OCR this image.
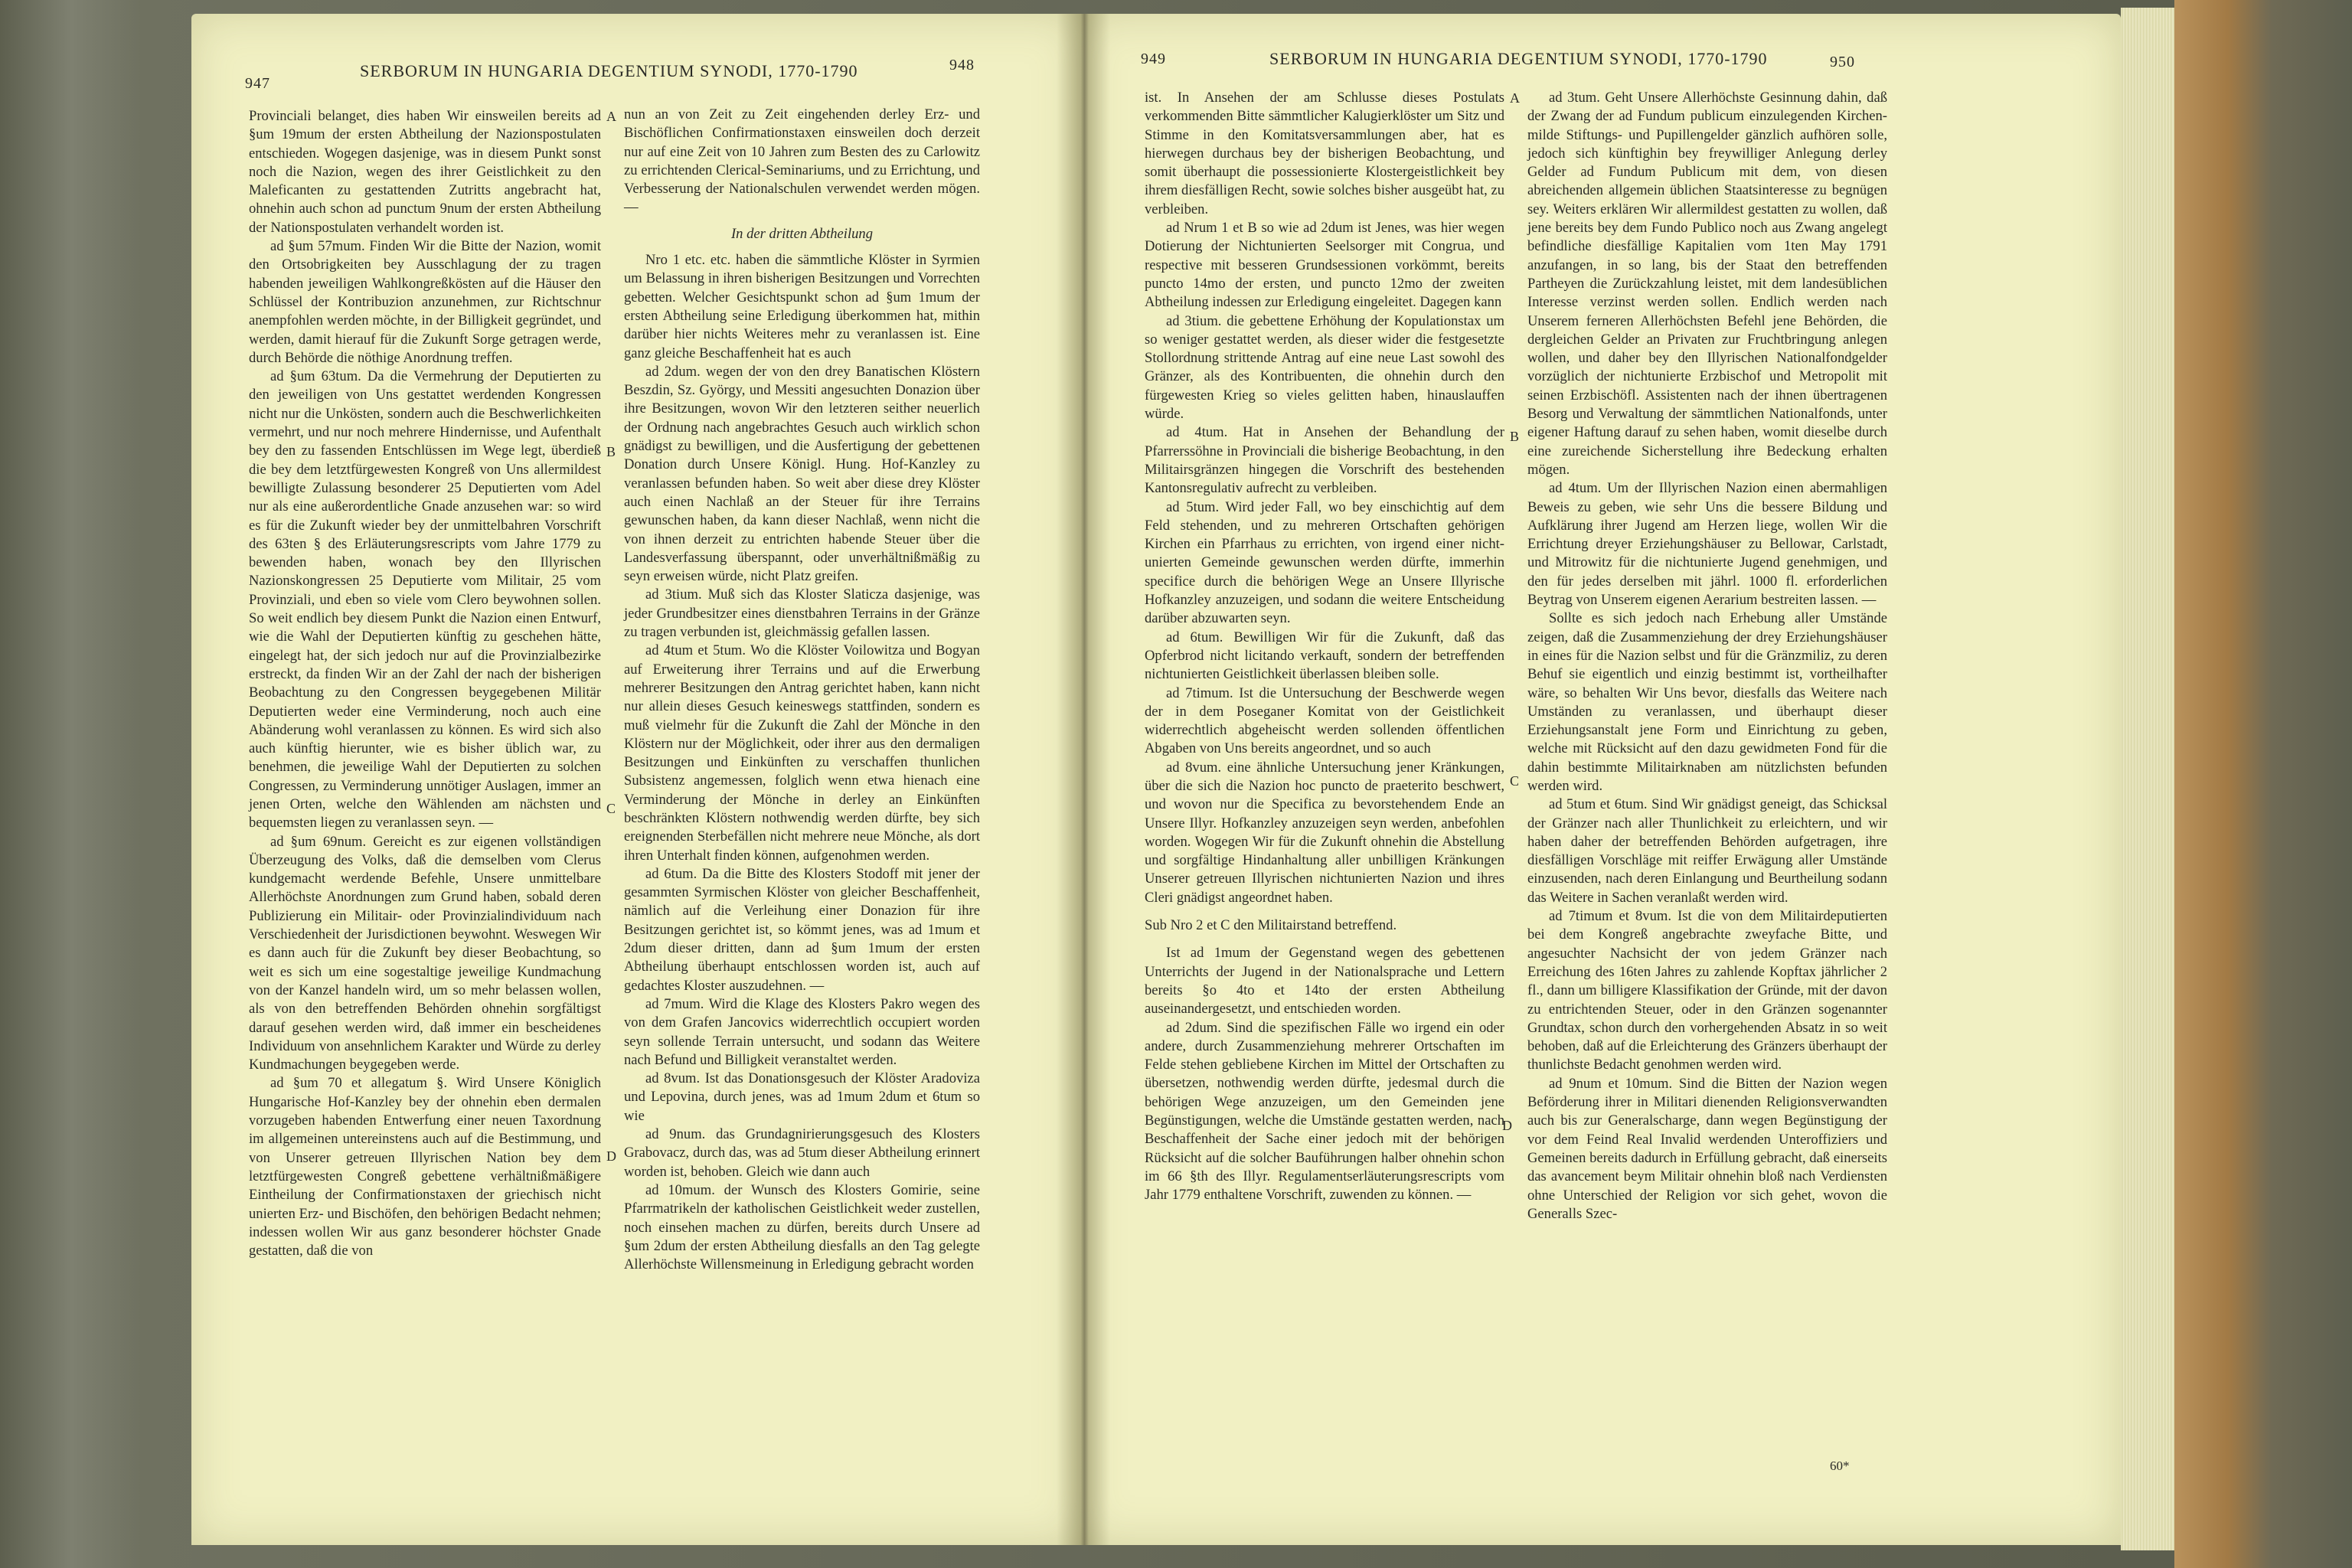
947
SERBORUM IN HUNGARIA DEGENTIUM SYNODI, 1770-1790	948	949	SERBORUM IN HUNGARIA DEGENTIUM SYNODI, 1770-1790	950

Provinciali belanget, dies haben Wir einsweilen bereits ad §um 19mum der ersten Abtheilung der Nazionspostulaten entschieden. Wogegen dasjenige, was in diesem Punkt sonst noch die Nazion, wegen des ihrer Geistlichkeit zu den Maleficanten zu gestattenden Zutritts angebracht hat, ohnehin auch schon ad punctum 9num der ersten Abtheilung der Nationspostulaten verhandelt worden ist.

ad §um 57mum. Finden Wir die Bitte der Nazion, womit den Ortsobrigkeiten bey Ausschlagung der zu tragen habenden jeweiligen Wahlkongreßkösten auf die Häuser den Schlüssel der Kontribuzion anzunehmen, zur Richtschnur anempfohlen werden möchte, in der Billigkeit gegründet, und werden, damit hierauf für die Zukunft Sorge getragen werde, durch Behörde die nöthige Anordnung treffen.

ad §um 63tum. Da die Vermehrung der Deputierten zu den jeweiligen von Uns gestattet werdenden Kongressen nicht nur die Unkösten, sondern auch die Beschwerlichkeiten vermehrt, und nur noch mehrere Hindernisse, und Aufenthalt bey den zu fassenden Entschlüssen im Wege legt, überdieß die bey dem letztfürgewesten Kongreß von Uns allermildest bewilligte Zulassung besonderer 25 Deputierten vom Adel nur als eine außerordentliche Gnade anzusehen war: so wird es für die Zukunft wieder bey der unmittelbahren Vorschrift des 63ten § des Erläuterungsrescripts vom Jahre 1779 zu bewenden haben, wonach bey den Illyrischen Nazionskongressen 25 Deputierte vom Militair, 25 vom Provinziali, und eben so viele vom Clero beywohnen sollen. So weit endlich bey diesem Punkt die Nazion einen Entwurf, wie die Wahl der Deputierten künftig zu geschehen hätte, eingelegt hat, der sich jedoch nur auf die Provinzialbezirke erstreckt, da finden Wir an der Zahl der nach der bisherigen Beobachtung zu den Congressen beygegebenen Militär Deputierten weder eine Verminderung, noch auch eine Abänderung wohl veranlassen zu können. Es wird sich also auch künftig hierunter, wie es bisher üblich war, zu benehmen, die jeweilige Wahl der Deputierten zu solchen Congressen, zu Verminderung unnötiger Auslagen, immer an jenen Orten, welche den Wählenden am nächsten und bequemsten liegen zu veranlassen seyn. —

ad §um 69num. Gereicht es zur eigenen vollständigen Überzeugung des Volks, daß die demselben vom Clerus kundgemacht werdende Befehle, Unsere unmittelbare Allerhöchste Anordnungen zum Grund haben, sobald deren Publizierung ein Militair- oder Provinzialindividuum nach Verschiedenheit der Jurisdictionen beywohnt. Weswegen Wir es dann auch für die Zukunft bey dieser Beobachtung, so weit es sich um eine sogestaltige jeweilige Kundmachung von der Kanzel handeln wird, um so mehr belassen wollen, als von den betreffenden Behörden ohnehin sorgfältigst darauf gesehen werden wird, daß immer ein bescheidenes Individuum von ansehnlichem Karakter und Würde zu derley Kundmachungen beygegeben werde.

ad §um 70 et allegatum §. Wird Unsere Königlich Hungarische Hof-Kanzley bey der ohnehin eben dermalen vorzugeben habenden Entwerfung einer neuen Taxordnung im allgemeinen untereinstens auch auf die Bestimmung, und von Unserer getreuen Illyrischen Nation bey dem letztfürgewesten Congreß gebettene verhältnißmäßigere Eintheilung der Confirmationstaxen der griechisch nicht unierten Erz- und Bischöfen, den behörigen Bedacht nehmen; indessen wollen Wir aus ganz besonderer höchster Gnade gestatten, daß die von

nun an von Zeit zu Zeit eingehenden derley Erz- und Bischöflichen Confirmationstaxen einsweilen doch derzeit nur auf eine Zeit von 10 Jahren zum Besten des zu Carlowitz zu errichtenden Clerical-Seminariums, und zu Errichtung, und Verbesserung der Nationalschulen verwendet werden mögen. —

In der dritten Abtheilung

Nro 1 etc. etc. haben die sämmtliche Klöster in Syrmien um Belassung in ihren bisherigen Besitzungen und Vorrechten gebetten. Welcher Gesichtspunkt schon ad §um 1mum der ersten Abtheilung seine Erledigung überkommen hat, mithin darüber hier nichts Weiteres mehr zu veranlassen ist. Eine ganz gleiche Beschaffenheit hat es auch

ad 2dum. wegen der von den drey Banatischen Klöstern Beszdin, Sz. György, und Messiti angesuchten Donazion über ihre Besitzungen, wovon Wir den letzteren seither neuerlich der Ordnung nach angebrachtes Gesuch auch wirklich schon gnädigst zu bewilligen, und die Ausfertigung der gebettenen Donation durch Unsere Königl. Hung. Hof-Kanzley zu veranlassen befunden haben. So weit aber diese drey Klöster auch einen Nachlaß an der Steuer für ihre Terrains gewunschen haben, da kann dieser Nachlaß, wenn nicht die von ihnen derzeit zu entrichten habende Steuer über die Landesverfassung überspannt, oder unverhältnißmäßig zu seyn erweisen würde, nicht Platz greifen.

ad 3tium. Muß sich das Kloster Slaticza dasjenige, was jeder Grundbesitzer eines dienstbahren Terrains in der Gränze zu tragen verbunden ist, gleichmässig gefallen lassen.

ad 4tum et 5tum. Wo die Klöster Voilowitza und Bogyan auf Erweiterung ihrer Terrains und auf die Erwerbung mehrerer Besitzungen den Antrag gerichtet haben, kann nicht nur allein dieses Gesuch keineswegs stattfinden, sondern es muß vielmehr für die Zukunft die Zahl der Mönche in den Klöstern nur der Möglichkeit, oder ihrer aus den dermaligen Besitzungen und Einkünften zu verschaffen thunlichen Subsistenz angemessen, folglich wenn etwa hienach eine Verminderung der Mönche in derley an Einkünften beschränkten Klöstern nothwendig werden dürfte, bey sich ereignenden Sterbefällen nicht mehrere neue Mönche, als dort ihren Unterhalt finden können, aufgenohmen werden.

ad 6tum. Da die Bitte des Klosters Stodoff mit jener der gesammten Syrmischen Klöster von gleicher Beschaffenheit, nämlich auf die Verleihung einer Donazion für ihre Besitzungen gerichtet ist, so kömmt jenes, was ad 1mum et 2dum dieser dritten, dann ad §um 1mum der ersten Abtheilung überhaupt entschlossen worden ist, auch auf gedachtes Kloster auszudehnen. —

ad 7mum. Wird die Klage des Klosters Pakro wegen des von dem Grafen Jancovics widerrechtlich occupiert worden seyn sollende Terrain untersucht, und sodann das Weitere nach Befund und Billigkeit veranstaltet werden.

ad 8vum. Ist das Donationsgesuch der Klöster Aradoviza und Lepovina, durch jenes, was ad 1mum 2dum et 6tum so wie

ad 9num. das Grundagnirierungsgesuch des Klosters Grabovacz, durch das, was ad 5tum dieser Abtheilung erinnert worden ist, behoben. Gleich wie dann auch

ad 10mum. der Wunsch des Klosters Gomirie, seine Pfarrmatrikeln der katholischen Geistlichkeit weder zustellen, noch einsehen machen zu dürfen, bereits durch Unsere ad §um 2dum der ersten Abtheilung diesfalls an den Tag gelegte Allerhöchste Willensmeinung in Erledigung gebracht worden

ist. In Ansehen der am Schlusse dieses Postulats verkommenden Bitte sämmtlicher Kalugierklöster um Sitz und Stimme in den Komitatsversammlungen aber, hat es hierwegen durchaus bey der bisherigen Beobachtung, und somit überhaupt die possessionierte Klostergeistlichkeit bey ihrem diesfälligen Recht, sowie solches bisher ausgeübt hat, zu verbleiben.

ad Nrum 1 et B so wie ad 2dum ist Jenes, was hier wegen Dotierung der Nichtunierten Seelsorger mit Congrua, und respective mit besseren Grundsessionen vorkömmt, bereits puncto 14mo der ersten, und puncto 12mo der zweiten Abtheilung indessen zur Erledigung eingeleitet. Dagegen kann

ad 3tium. die gebettene Erhöhung der Kopulationstax um so weniger gestattet werden, als dieser wider die festgesetzte Stollordnung strittende Antrag auf eine neue Last sowohl des Gränzer, als des Kontribuenten, die ohnehin durch den fürgewesten Krieg so vieles gelitten haben, hinauslauffen würde.

ad 4tum. Hat in Ansehen der Behandlung der Pfarrerssöhne in Provinciali die bisherige Beobachtung, in den Militairsgränzen hingegen die Vorschrift des bestehenden Kantonsregulativ aufrecht zu verbleiben.

ad 5tum. Wird jeder Fall, wo bey einschichtig auf dem Feld stehenden, und zu mehreren Ortschaften gehörigen Kirchen ein Pfarrhaus zu errichten, von irgend einer nicht-unierten Gemeinde gewunschen werden dürfte, immerhin specifice durch die behörigen Wege an Unsere Illyrische Hofkanzley anzuzeigen, und sodann die weitere Entscheidung darüber abzuwarten seyn.

ad 6tum. Bewilligen Wir für die Zukunft, daß das Opferbrod nicht licitando verkauft, sondern der betreffenden nichtunierten Geistlichkeit überlassen bleiben solle.

ad 7timum. Ist die Untersuchung der Beschwerde wegen der in dem Poseganer Komitat von der Geistlichkeit widerrechtlich abgeheischt werden sollenden öffentlichen Abgaben von Uns bereits angeordnet, und so auch

ad 8vum. eine ähnliche Untersuchung jener Kränkungen, über die sich die Nazion hoc puncto de praeterito beschwert, und wovon nur die Specifica zu bevorstehendem Ende an Unsere Illyr. Hofkanzley anzuzeigen seyn werden, anbefohlen worden. Wogegen Wir für die Zukunft ohnehin die Abstellung und sorgfältige Hindanhaltung aller unbilligen Kränkungen Unserer getreuen Illyrischen nichtunierten Nazion und ihres Cleri gnädigst angeordnet haben.

Sub Nro 2 et C den Militairstand betreffend.

Ist ad 1mum der Gegenstand wegen des gebettenen Unterrichts der Jugend in der Nationalsprache und Lettern bereits §o 4to et 14to der ersten Abtheilung auseinandergesetzt, und entschieden worden.

ad 2dum. Sind die spezifischen Fälle wo irgend ein oder andere, durch Zusammenziehung mehrerer Ortschaften im Felde stehen gebliebene Kirchen im Mittel der Ortschaften zu übersetzen, nothwendig werden dürfte, jedesmal durch die behörigen Wege anzuzeigen, um den Gemeinden jene Begünstigungen, welche die Umstände gestatten werden, nach Beschaffenheit der Sache einer jedoch mit der behörigen Rücksicht auf die solcher Bauführungen halber ohnehin schon im 66 §th des Illyr. Regulamentserläuterungsrescripts vom Jahr 1779 enthaltene Vorschrift, zuwenden zu können. —

ad 3tum. Geht Unsere Allerhöchste Gesinnung dahin, daß der Zwang der ad Fundum publicum einzulegenden Kirchen- milde Stiftungs- und Pupillengelder gänzlich aufhören solle, jedoch sich künftighin bey freywilliger Anlegung derley Gelder ad Fundum Publicum mit dem, von diesen abreichenden allgemein üblichen Staatsinteresse zu begnügen sey. Weiters erklären Wir allermildest gestatten zu wollen, daß jene bereits bey dem Fundo Publico noch aus Zwang angelegt befindliche diesfällige Kapitalien vom 1ten May 1791 anzufangen, in so lang, bis der Staat den betreffenden Partheyen die Zurückzahlung leistet, mit dem landesüblichen Interesse verzinst werden sollen. Endlich werden nach Unserem ferneren Allerhöchsten Befehl jene Behörden, die dergleichen Gelder an Privaten zur Fruchtbringung anlegen wollen, und daher bey den Illyrischen Nationalfondgelder vorzüglich der nichtunierte Erzbischof und Metropolit mit seinen Erzbischöfl. Assistenten nach der ihnen übertragenen Besorg und Verwaltung der sämmtlichen Nationalfonds, unter eigener Haftung darauf zu sehen haben, womit dieselbe durch eine zureichende Sicherstellung ihre Bedeckung erhalten mögen.

ad 4tum. Um der Illyrischen Nazion einen abermahligen Beweis zu geben, wie sehr Uns die bessere Bildung und Aufklärung ihrer Jugend am Herzen liege, wollen Wir die Errichtung dreyer Erziehungshäuser zu Bellowar, Carlstadt, und Mitrowitz für die nichtunierte Jugend genehmigen, und den für jedes derselben mit jährl. 1000 fl. erforderlichen Beytrag von Unserem eigenen Aerarium bestreiten lassen. —

Sollte es sich jedoch nach Erhebung aller Umstände zeigen, daß die Zusammenziehung der drey Erziehungshäuser in eines für die Nazion selbst und für die Gränzmiliz, zu deren Behuf sie eigentlich und einzig bestimmt ist, vortheilhafter wäre, so behalten Wir Uns bevor, diesfalls das Weitere nach Umständen zu veranlassen, und überhaupt dieser Erziehungsanstalt jene Form und Einrichtung zu geben, welche mit Rücksicht auf den dazu gewidmeten Fond für die dahin bestimmte Militairknaben am nützlichsten befunden werden wird.

ad 5tum et 6tum. Sind Wir gnädigst geneigt, das Schicksal der Gränzer nach aller Thunlichkeit zu erleichtern, und wir haben daher der betreffenden Behörden aufgetragen, ihre diesfälligen Vorschläge mit reiffer Erwägung aller Umstände einzusenden, nach deren Einlangung und Beurtheilung sodann das Weitere in Sachen veranlaßt werden wird.

ad 7timum et 8vum. Ist die von dem Militairdeputierten bei dem Kongreß angebrachte zweyfache Bitte, und angesuchter Nachsicht der von jedem Gränzer nach Erreichung des 16ten Jahres zu zahlende Kopftax jährlicher 2 fl., dann um billigere Klassifikation der Gründe, mit der davon zu entrichtenden Steuer, oder in den Gränzen sogenannter Grundtax, schon durch den vorhergehenden Absatz in so weit behoben, daß auf die Erleichterung des Gränzers überhaupt der thunlichste Bedacht genohmen werden wird.

ad 9num et 10mum. Sind die Bitten der Nazion wegen Beförderung ihrer in Militari dienenden Religionsverwandten auch bis zur Generalscharge, dann wegen Begünstigung der vor dem Feind Real Invalid werdenden Unteroffiziers und Gemeinen bereits dadurch in Erfüllung gebracht, daß einerseits das avancement beym Militair ohnehin bloß nach Verdiensten ohne Unterschied der Religion vor sich gehet, wovon die Generalls Szec-

A
B
C
D
A
B
C
D
60*
